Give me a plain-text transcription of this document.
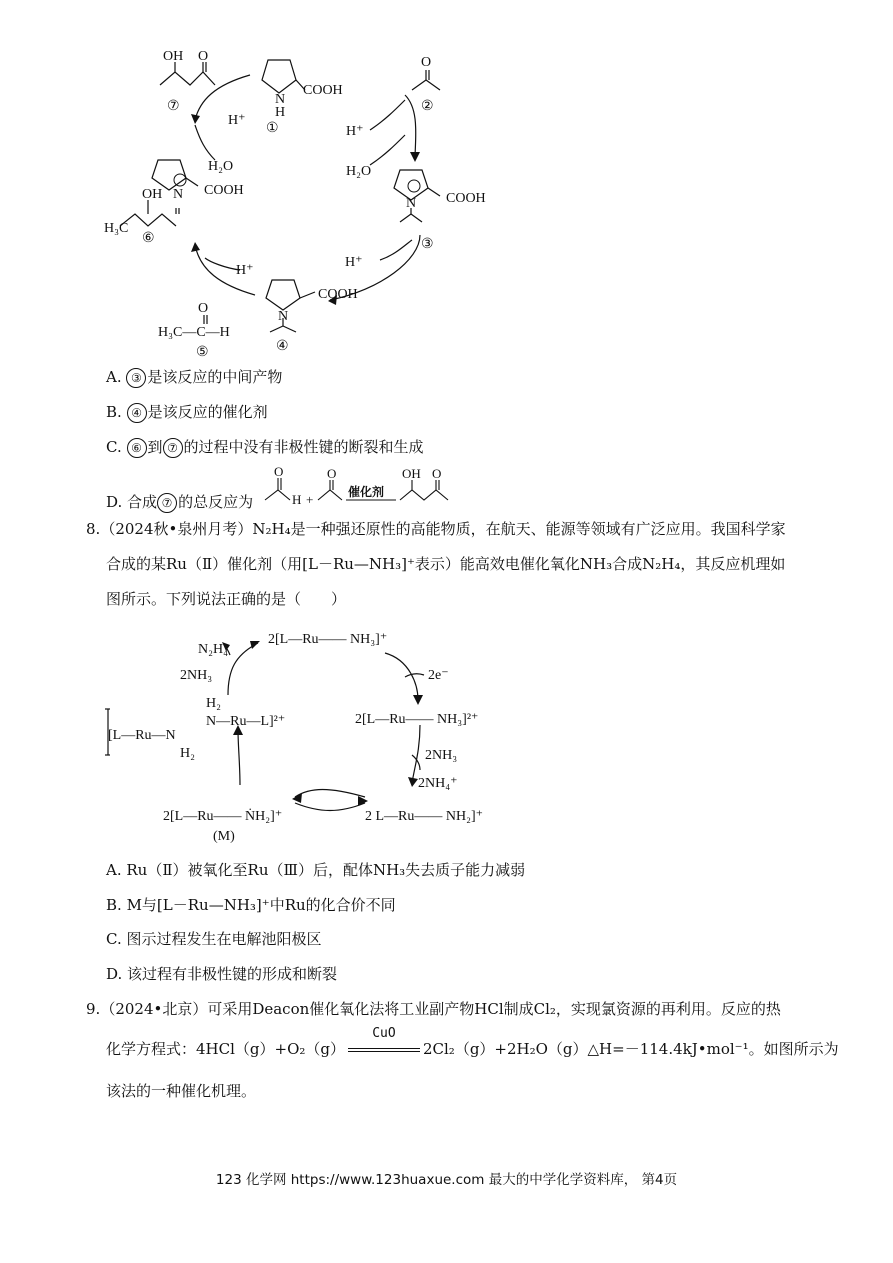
COOH
N
H
①
OH O
⑦
H⁺
H₂O
O
②
H⁺
H₂O
COOH
N
③
H⁺
COOH
N
④
H⁺
O
H₃C—C—H
⑤
OH	COOH
N
H₃C
⑥
A. ③ 是该反应的中间产物
B. ④ 是该反应的催化剂
C. ⑥ 到 ⑦ 的过程中没有非极性键的断裂和生成
D. 合成 ⑦ 的总反应为
O
H +
O
催化剂
OH O
8.（2024秋•泉州月考）N₂H₄是一种强还原性的高能物质，在航天、能源等领域有广泛应用。我国科学家
合成的某Ru（Ⅱ）催化剂（用[L－Ru—NH₃]⁺表示）能高效电催化氧化NH₃合成N₂H₄，其反应机理如
图所示。下列说法正确的是（　　）
2[L—Ru—— NH₃]⁺
2[L—Ru—— NH₃]²⁺
2 L—Ru—— NH₂]⁺
2[L—Ru—— ṄH₂]⁺
(M)
N₂H₄
2NH₃	2e⁻
2NH₃
2NH₄⁺
[L—Ru—N
H₂
N—Ru—L]²⁺
H₂
A. Ru（Ⅱ）被氧化至Ru（Ⅲ）后，配体NH₃失去质子能力减弱
B. M与[L－Ru—NH₃]⁺中Ru的化合价不同
C. 图示过程发生在电解池阳极区
D. 该过程有非极性键的形成和断裂
9.（2024•北京）可采用Deacon催化氧化法将工业副产物HCl制成Cl₂，实现氯资源的再利用。反应的热
化学方程式：4HCl（g）+O₂（g）
CuO
2Cl₂（g）+2H₂O（g）△H=－114.4kJ•mol⁻¹。如图所示为
该法的一种催化机理。
123 化学网 https://www.123huaxue.com 最大的中学化学资料库， 第4页
